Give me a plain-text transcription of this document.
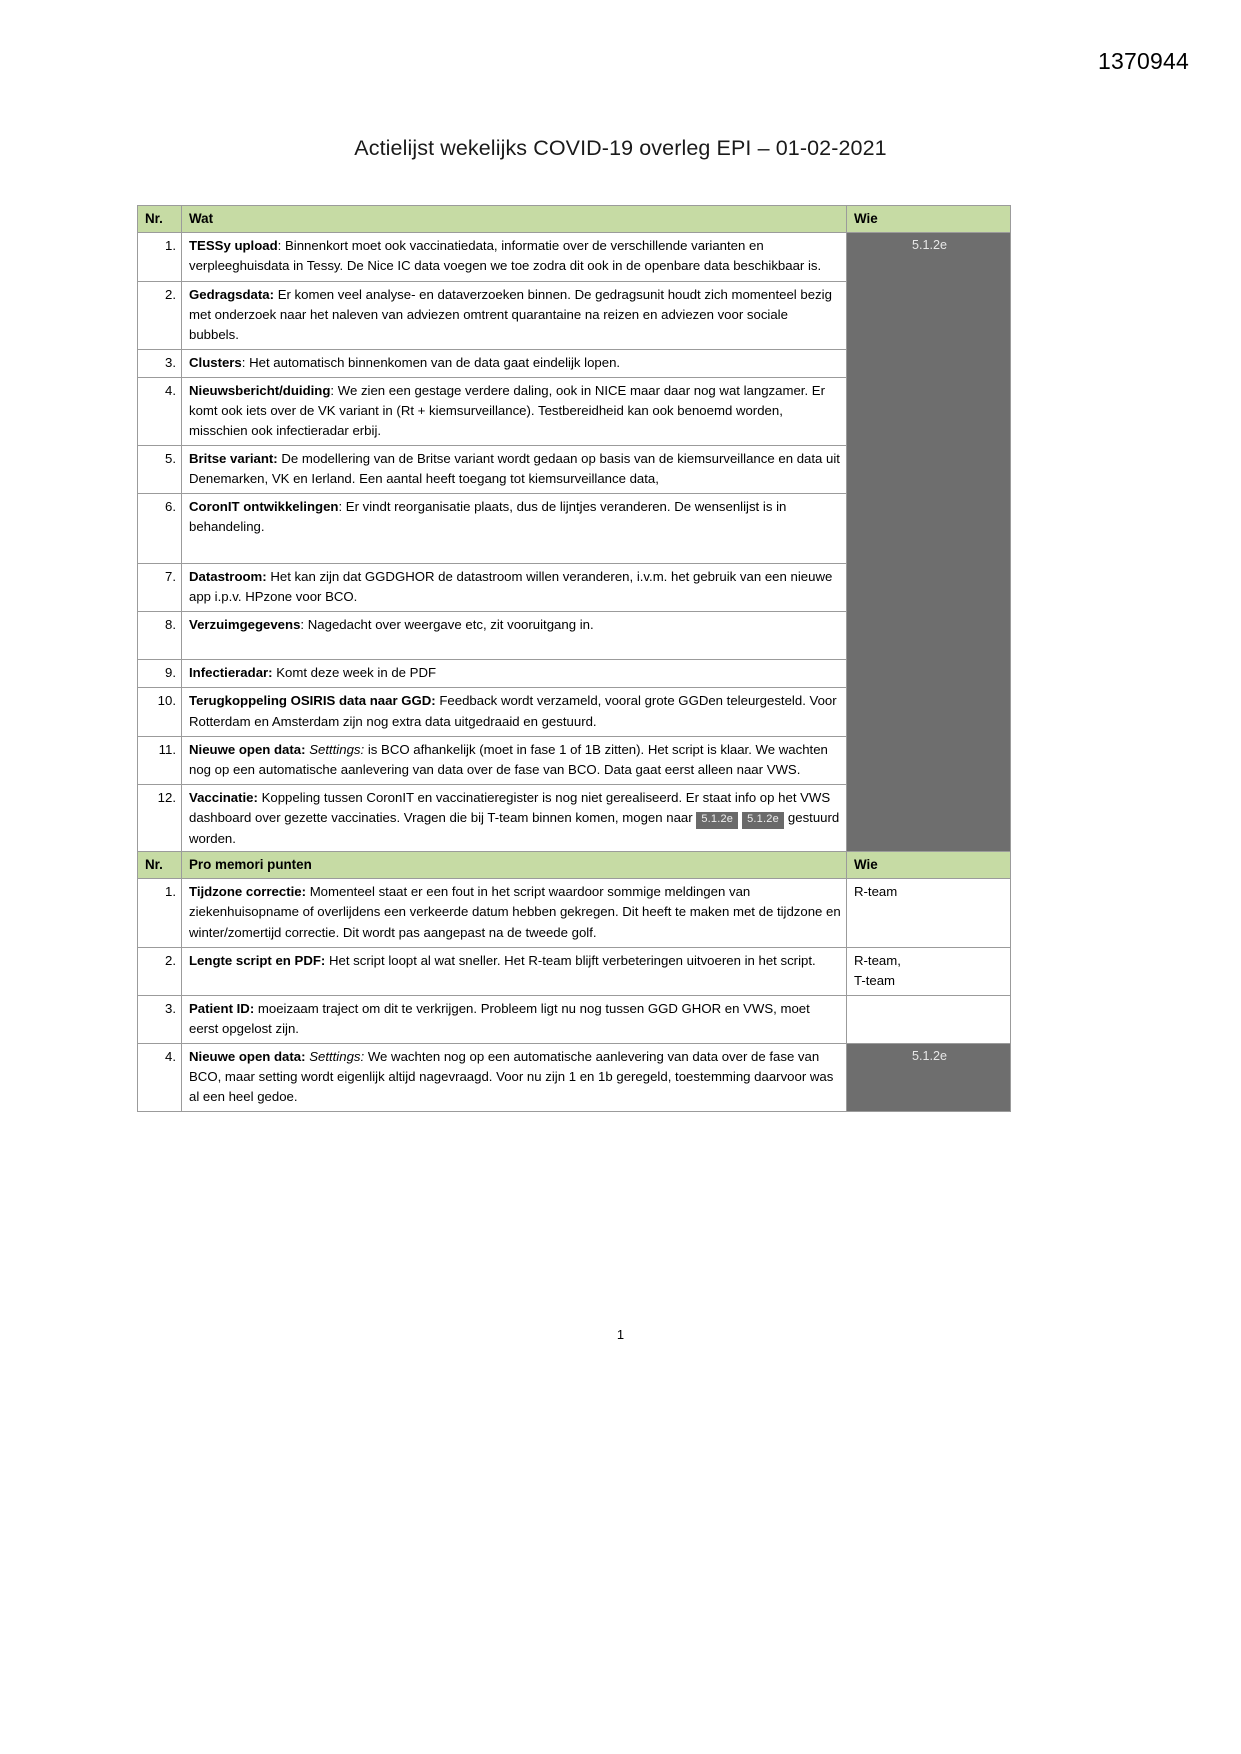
1370944
Actielijst wekelijks COVID-19 overleg EPI – 01-02-2021
Nr.	Wat	Wie
1.	TESSy upload: Binnenkort moet ook vaccinatiedata, informatie over de verschillende varianten en verpleeghuisdata in Tessy. De Nice IC data voegen we toe zodra dit ook in de openbare data beschikbaar is.	5.1.2e
2.	Gedragsdata: Er komen veel analyse- en dataverzoeken binnen. De gedragsunit houdt zich momenteel bezig met onderzoek naar het naleven van adviezen omtrent quarantaine na reizen en adviezen voor sociale bubbels.	
3.	Clusters: Het automatisch binnenkomen van de data gaat eindelijk lopen.	
4.	Nieuwsbericht/duiding: We zien een gestage verdere daling, ook in NICE maar daar nog wat langzamer. Er komt ook iets over de VK variant in (Rt + kiemsurveillance). Testbereidheid kan ook benoemd worden, misschien ook infectieradar erbij.	
5.	Britse variant: De modellering van de Britse variant wordt gedaan op basis van de kiemsurveillance en data uit Denemarken, VK en Ierland. Een aantal heeft toegang tot kiemsurveillance data,	
6.	CoronIT ontwikkelingen: Er vindt reorganisatie plaats, dus de lijntjes veranderen. De wensenlijst is in behandeling.	
7.	Datastroom: Het kan zijn dat GGDGHOR de datastroom willen veranderen, i.v.m. het gebruik van een nieuwe app i.p.v. HPzone voor BCO.	
8.	Verzuimgegevens: Nagedacht over weergave etc, zit vooruitgang in.	
9.	Infectieradar: Komt deze week in de PDF	
10.	Terugkoppeling OSIRIS data naar GGD: Feedback wordt verzameld, vooral grote GGDen teleurgesteld. Voor Rotterdam en Amsterdam zijn nog extra data uitgedraaid en gestuurd.	
11.	Nieuwe open data: Setttings: is BCO afhankelijk (moet in fase 1 of 1B zitten). Het script is klaar. We wachten nog op een automatische aanlevering van data over de fase van BCO. Data gaat eerst alleen naar VWS.	
12.	Vaccinatie: Koppeling tussen CoronIT en vaccinatieregister is nog niet gerealiseerd. Er staat info op het VWS dashboard over gezette vaccinaties. Vragen die bij T-team binnen komen, mogen naar 5.1.2e 5.1.2e gestuurd worden.	
Nr.	Pro memori punten	Wie
1.	Tijdzone correctie: Momenteel staat er een fout in het script waardoor sommige meldingen van ziekenhuisopname of overlijdens een verkeerde datum hebben gekregen. Dit heeft te maken met de tijdzone en winter/zomertijd correctie. Dit wordt pas aangepast na de tweede golf.	R-team
2.	Lengte script en PDF: Het script loopt al wat sneller. Het R-team blijft verbeteringen uitvoeren in het script.	R-team,
T-team
3.	Patient ID: moeizaam traject om dit te verkrijgen. Probleem ligt nu nog tussen GGD GHOR en VWS, moet eerst opgelost zijn.	
4.	Nieuwe open data: Setttings: We wachten nog op een automatische aanlevering van data over de fase van BCO, maar setting wordt eigenlijk altijd nagevraagd. Voor nu zijn 1 en 1b geregeld, toestemming daarvoor was al een heel gedoe.	5.1.2e
1
